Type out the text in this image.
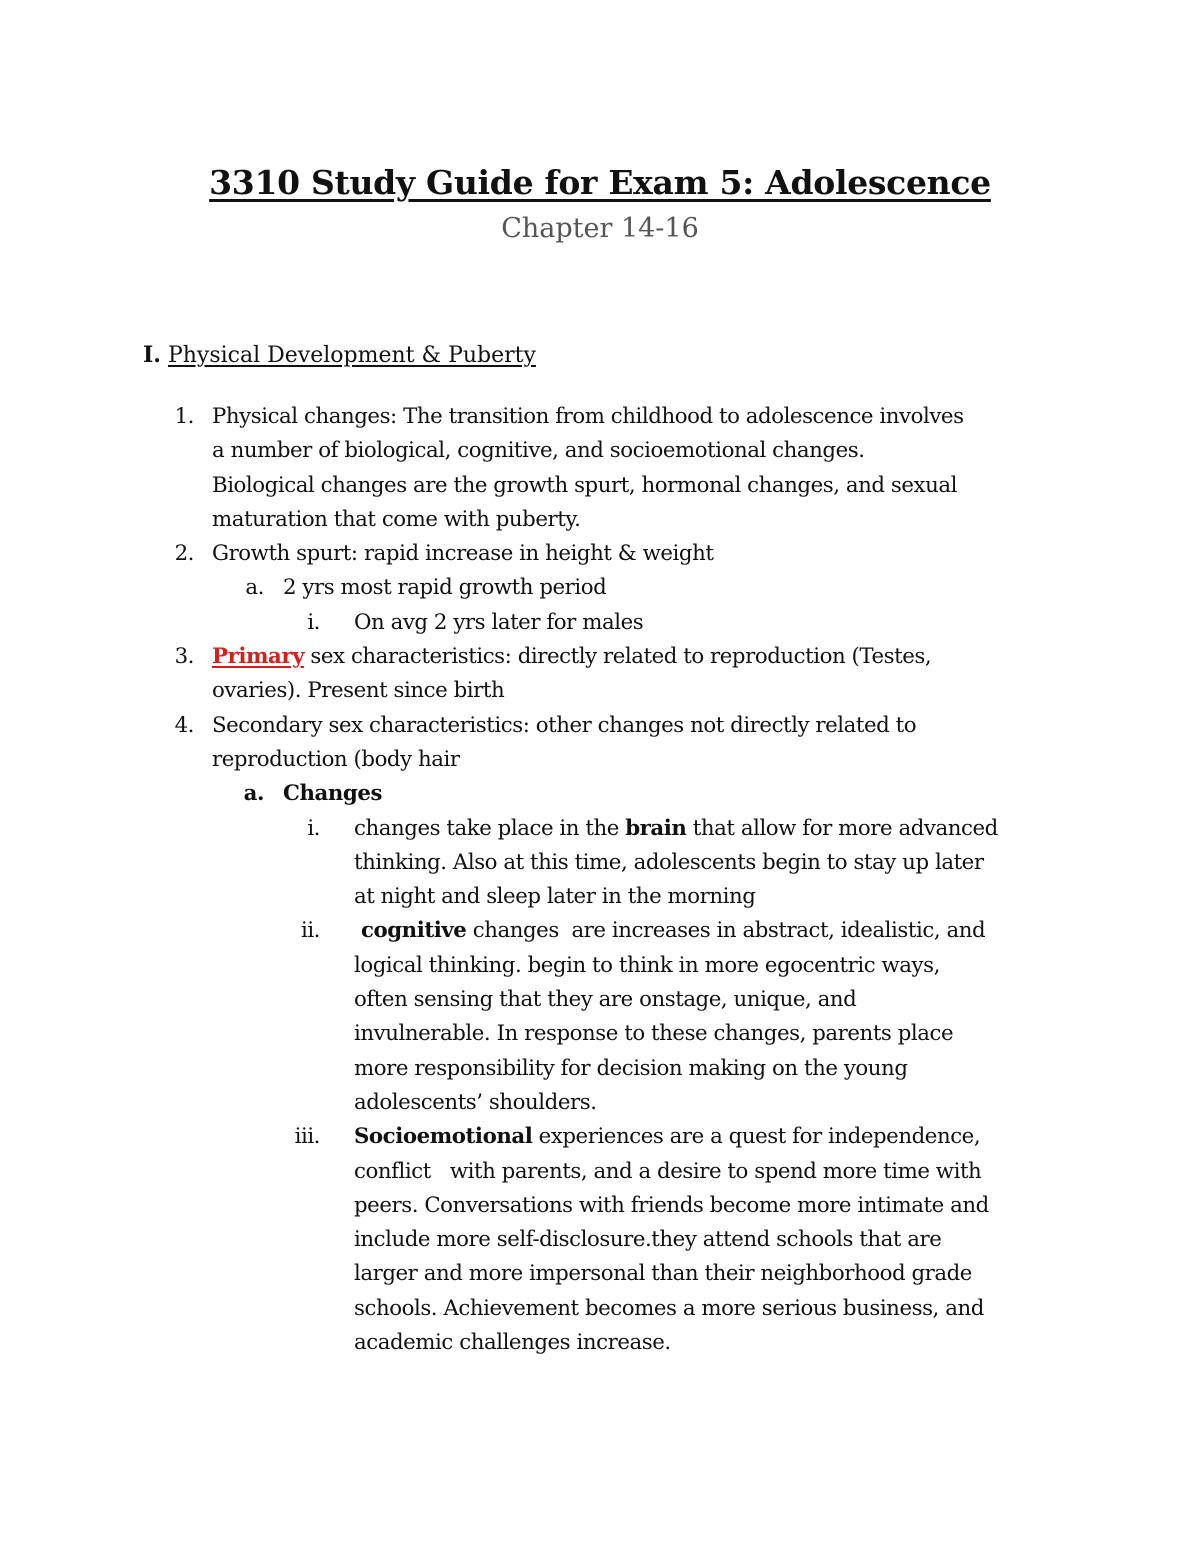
3310 Study Guide for Exam 5: Adolescence
Chapter 14-16
I. Physical Development & Puberty
1. Physical changes: The transition from childhood to adolescence involves
a number of biological, cognitive, and socioemotional changes.
Biological changes are the growth spurt, hormonal changes, and sexual
maturation that come with puberty.
2. Growth spurt: rapid increase in height & weight
a. 2 yrs most rapid growth period
i. On avg 2 yrs later for males
3. Primary sex characteristics: directly related to reproduction (Testes,
ovaries). Present since birth
4. Secondary sex characteristics: other changes not directly related to
reproduction (body hair
a. Changes
i. changes take place in the brain that allow for more advanced
thinking. Also at this time, adolescents begin to stay up later
at night and sleep later in the morning
ii. cognitive changes  are increases in abstract, idealistic, and
logical thinking. begin to think in more egocentric ways,
often sensing that they are onstage, unique, and
invulnerable. In response to these changes, parents place
more responsibility for decision making on the young
adolescents’ shoulders.
iii. Socioemotional experiences are a quest for independence,
conflict   with parents, and a desire to spend more time with
peers. Conversations with friends become more intimate and
include more self-disclosure.they attend schools that are
larger and more impersonal than their neighborhood grade
schools. Achievement becomes a more serious business, and
academic challenges increase.
